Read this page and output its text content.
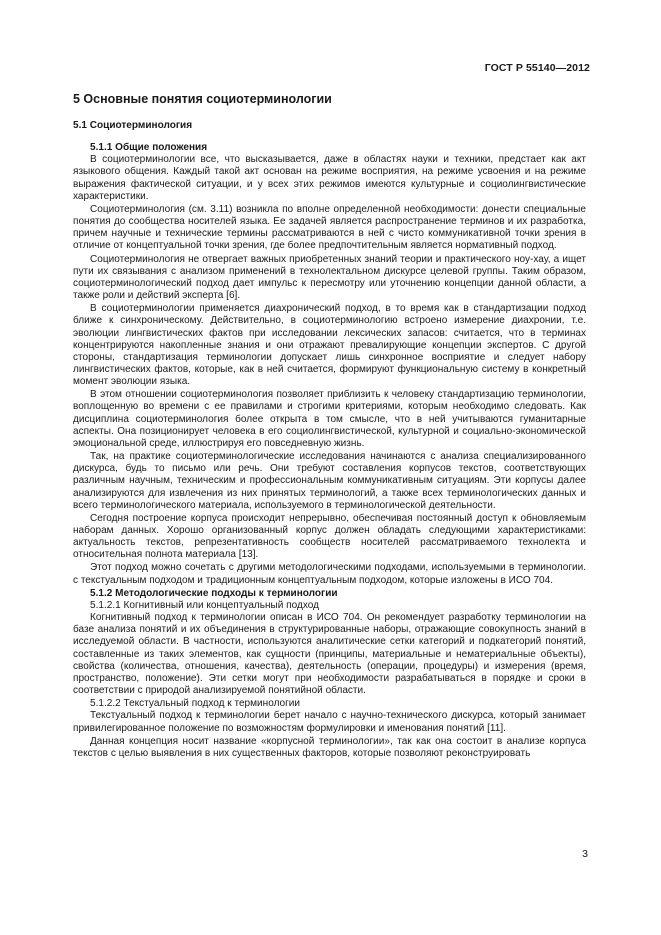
ГОСТ Р 55140—2012
5 Основные понятия социотерминологии
5.1 Социотерминология
5.1.1 Общие положения

В социотерминологии все, что высказывается, даже в областях науки и техники, предстает как акт языкового общения. Каждый такой акт основан на режиме восприятия, на режиме усвоения и на режиме выражения фактической ситуации, и у всех этих режимов имеются культурные и социолингвистические характеристики.

Социотерминология (см. 3.11) возникла по вполне определенной необходимости: донести специальные понятия до сообщества носителей языка. Ее задачей является распространение терминов и их разработка, причем научные и технические термины рассматриваются в ней с чисто коммуникативной точки зрения в отличие от концептуальной точки зрения, где более предпочтительным является нормативный подход.

Социотерминология не отвергает важных приобретенных знаний теории и практического ноу-хау, а ищет пути их связывания с анализом применений в технолектальном дискурсе целевой группы. Таким образом, социотерминологический подход дает импульс к пересмотру или уточнению концепции данной области, а также роли и действий эксперта [6].

В социотерминологии применяется диахронический подход, в то время как в стандартизации подход ближе к синхроническому. Действительно, в социотерминологию встроено измерение диахронии, т.е. эволюции лингвистических фактов при исследовании лексических запасов: считается, что в терминах концентрируются накопленные знания и они отражают превалирующие концепции экспертов. С другой стороны, стандартизация терминологии допускает лишь синхронное восприятие и следует набору лингвистических фактов, которые, как в ней считается, формируют функциональную систему в конкретный момент эволюции языка.

В этом отношении социотерминология позволяет приблизить к человеку стандартизацию терминологии, воплощенную во времени с ее правилами и строгими критериями, которым необходимо следовать. Как дисциплина социотерминология более открыта в том смысле, что в ней учитываются гуманитарные аспекты. Она позиционирует человека в его социолингвистической, культурной и социально-экономической эмоциональной среде, иллюстрируя его повседневную жизнь.

Так, на практике социотерминологические исследования начинаются с анализа специализированного дискурса, будь то письмо или речь. Они требуют составления корпусов текстов, соответствующих различным научным, техническим и профессиональным коммуникативным ситуациям. Эти корпусы далее анализируются для извлечения из них принятых терминологий, а также всех терминологических данных и всего терминологического материала, используемого в терминологической деятельности.

Сегодня построение корпуса происходит непрерывно, обеспечивая постоянный доступ к обновляемым наборам данных. Хорошо организованный корпус должен обладать следующими характеристиками: актуальность текстов, репрезентативность сообществ носителей рассматриваемого технолекта и относительная полнота материала [13].

Этот подход можно сочетать с другими методологическими подходами, используемыми в терминологии. с текстуальным подходом и традиционным концептуальным подходом, которые изложены в ИСО 704.

5.1.2 Методологические подходы к терминологии
5.1.2.1 Когнитивный или концептуальный подход

Когнитивный подход к терминологии описан в ИСО 704. Он рекомендует разработку терминологии на базе анализа понятий и их объединения в структурированные наборы, отражающие совокупность знаний в исследуемой области. В частности, используются аналитические сетки категорий и подкатегорий понятий, составленные из таких элементов, как сущности (принципы, материальные и нематериальные объекты), свойства (количества, отношения, качества), деятельность (операции, процедуры) и измерения (время, пространство, положение). Эти сетки могут при необходимости разрабатываться в порядке и сроки в соответствии с природой анализируемой понятийной области.

5.1.2.2 Текстуальный подход к терминологии

Текстуальный подход к терминологии берет начало с научно-технического дискурса, который занимает привилегированное положение по возможностям формулировки и именования понятий [11].

Данная концепция носит название «корпусной терминологии», так как она состоит в анализе корпуса текстов с целью выявления в них существенных факторов, которые позволяют реконструировать

3
